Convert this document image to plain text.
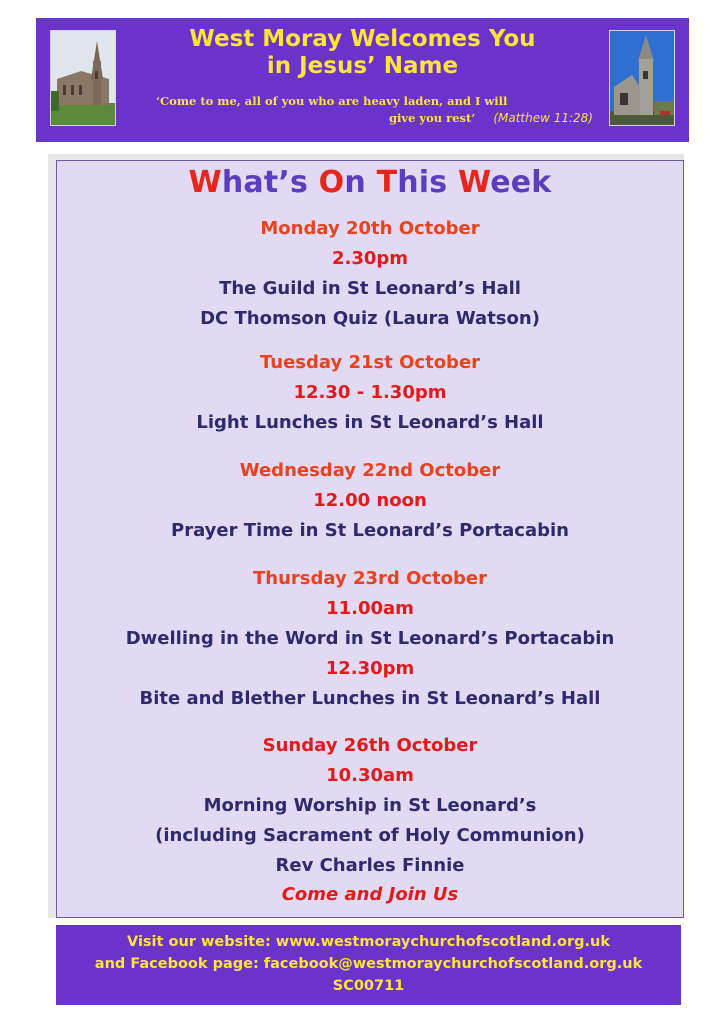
West Moray Welcomes You
in Jesus’ Name
‘Come to me, all of you who are heavy laden, and I will
give you rest’ (Matthew 11:28)
What’s On This Week
Monday 20th October
2.30pm
The Guild in St Leonard’s Hall
DC Thomson Quiz (Laura Watson)
Tuesday 21st October
12.30 - 1.30pm
Light Lunches in St Leonard’s Hall
Wednesday 22nd October
12.00 noon
Prayer Time in St Leonard’s Portacabin
Thursday 23rd October
11.00am
Dwelling in the Word in St Leonard’s Portacabin
12.30pm
Bite and Blether Lunches in St Leonard’s Hall
Sunday 26th October
10.30am
Morning Worship in St Leonard’s
(including Sacrament of Holy Communion)
Rev Charles Finnie
Come and Join Us
Visit our website: www.westmoraychurchofscotland.org.uk
and Facebook page: facebook@westmoraychurchofscotland.org.uk
SC00711
